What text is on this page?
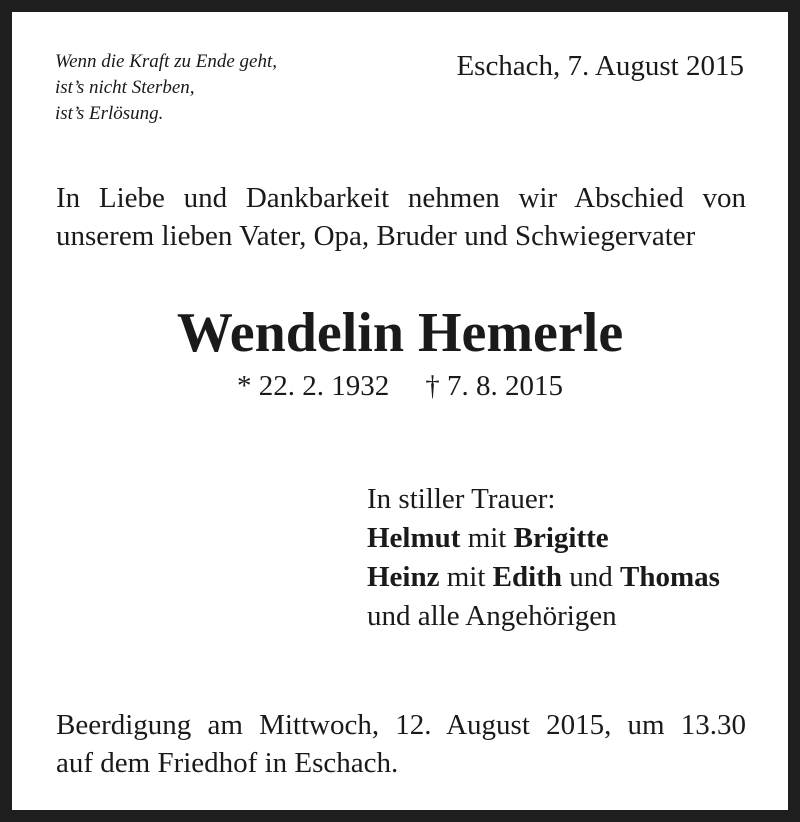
Wenn die Kraft zu Ende geht,
ist’s nicht Sterben,
ist’s Erlösung.
Eschach, 7. August 2015
In Liebe und Dankbarkeit nehmen wir Abschied von
unserem lieben Vater, Opa, Bruder und Schwiegervater
Wendelin Hemerle
* 22. 2. 1932 † 7. 8. 2015
In stiller Trauer:
Helmut mit Brigitte
Heinz mit Edith und Thomas
und alle Angehörigen
Beerdigung am Mittwoch, 12. August 2015, um 13.30
auf dem Friedhof in Eschach.
